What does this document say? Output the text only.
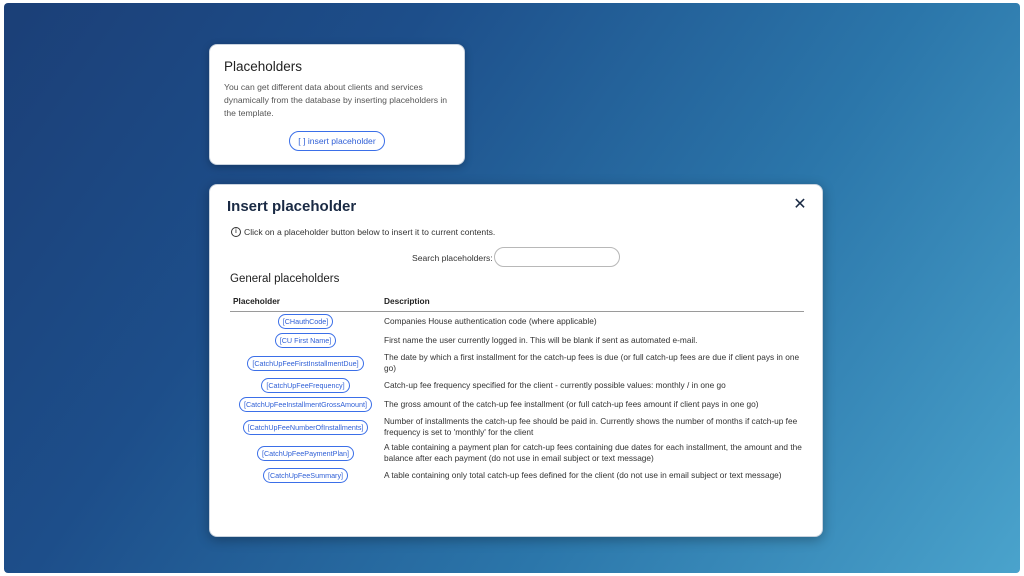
Placeholders

You can get different data about clients and services dynamically from the database by inserting placeholders in the template.

[ ] insert placeholder
Insert placeholder	✕
i Click on a placeholder button below to insert it to current contents.
Search placeholders:
General placeholders
Placeholder	Description
[CHauthCode]	Companies House authentication code (where applicable)
[CU First Name]	First name the user currently logged in. This will be blank if sent as automated e-mail.
[CatchUpFeeFirstInstallmentDue]	The date by which a first installment for the catch-up fees is due (or full catch-up fees are due if client pays in one go)
[CatchUpFeeFrequency]	Catch-up fee frequency specified for the client - currently possible values: monthly / in one go
[CatchUpFeeInstallmentGrossAmount]	The gross amount of the catch-up fee installment (or full catch-up fees amount if client pays in one go)
[CatchUpFeeNumberOfInstallments]	Number of installments the catch-up fee should be paid in. Currently shows the number of months if catch-up fee frequency is set to 'monthly' for the client
[CatchUpFeePaymentPlan]	A table containing a payment plan for catch-up fees containing due dates for each installment, the amount and the balance after each payment (do not use in email subject or text message)
[CatchUpFeeSummary]	A table containing only total catch-up fees defined for the client (do not use in email subject or text message)
